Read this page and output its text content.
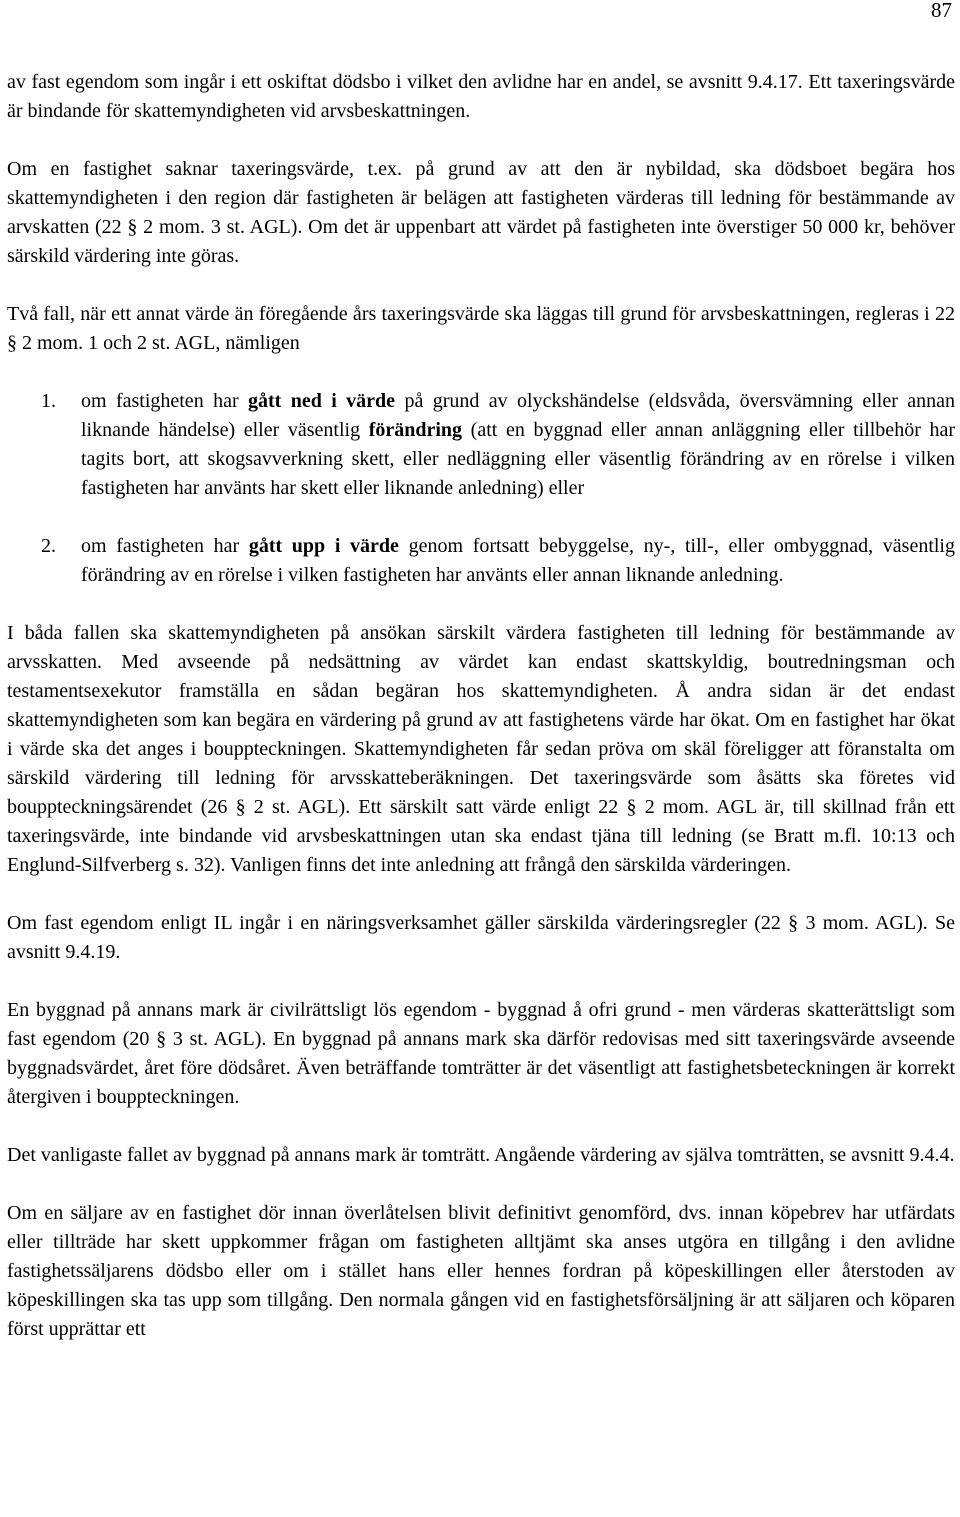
87

av fast egendom som ingår i ett oskiftat dödsbo i vilket den avlidne har en andel, se avsnitt 9.4.17. Ett taxeringsvärde är bindande för skattemyndigheten vid arvsbeskattningen.

Om en fastighet saknar taxeringsvärde, t.ex. på grund av att den är nybildad, ska dödsboet begära hos skattemyndigheten i den region där fastigheten är belägen att fastigheten värderas till ledning för bestämmande av arvskatten (22 § 2 mom. 3 st. AGL). Om det är uppenbart att värdet på fastigheten inte överstiger 50 000 kr, behöver särskild värdering inte göras.

Två fall, när ett annat värde än föregående års taxeringsvärde ska läggas till grund för arvsbeskattningen, regleras i 22 § 2 mom. 1 och 2 st. AGL, nämligen

1. om fastigheten har gått ned i värde på grund av olyckshändelse (eldsvåda, översvämning eller annan liknande händelse) eller väsentlig förändring (att en byggnad eller annan anläggning eller tillbehör har tagits bort, att skogsavverkning skett, eller nedläggning eller väsentlig förändring av en rörelse i vilken fastigheten har använts har skett eller liknande anledning) eller
2. om fastigheten har gått upp i värde genom fortsatt bebyggelse, ny-, till-, eller ombyggnad, väsentlig förändring av en rörelse i vilken fastigheten har använts eller annan liknande anledning.

I båda fallen ska skattemyndigheten på ansökan särskilt värdera fastigheten till ledning för bestämmande av arvsskatten. Med avseende på nedsättning av värdet kan endast skattskyldig, boutredningsman och testamentsexekutor framställa en sådan begäran hos skattemyndigheten. Å andra sidan är det endast skattemyndigheten som kan begära en värdering på grund av att fastighetens värde har ökat. Om en fastighet har ökat i värde ska det anges i bouppteckningen. Skattemyndigheten får sedan pröva om skäl föreligger att föranstalta om särskild värdering till ledning för arvsskatteberäkningen. Det taxeringsvärde som åsätts ska företes vid bouppteckningsärendet (26 § 2 st. AGL). Ett särskilt satt värde enligt 22 § 2 mom. AGL är, till skillnad från ett taxeringsvärde, inte bindande vid arvsbeskattningen utan ska endast tjäna till ledning (se Bratt m.fl. 10:13 och Englund-Silfverberg s. 32). Vanligen finns det inte anledning att frångå den särskilda värderingen.

Om fast egendom enligt IL ingår i en näringsverksamhet gäller särskilda värderingsregler (22 § 3 mom. AGL). Se avsnitt 9.4.19.

En byggnad på annans mark är civilrättsligt lös egendom - byggnad å ofri grund - men värderas skatterättsligt som fast egendom (20 § 3 st. AGL). En byggnad på annans mark ska därför redovisas med sitt taxeringsvärde avseende byggnadsvärdet, året före dödsåret. Även beträffande tomträtter är det väsentligt att fastighetsbeteckningen är korrekt återgiven i bouppteckningen.

Det vanligaste fallet av byggnad på annans mark är tomträtt. Angående värdering av själva tomträtten, se avsnitt 9.4.4.

Om en säljare av en fastighet dör innan överlåtelsen blivit definitivt genomförd, dvs. innan köpebrev har utfärdats eller tillträde har skett uppkommer frågan om fastigheten alltjämt ska anses utgöra en tillgång i den avlidne fastighetssäljarens dödsbo eller om i stället hans eller hennes fordran på köpeskillingen eller återstoden av köpeskillingen ska tas upp som tillgång. Den normala gången vid en fastighetsförsäljning är att säljaren och köparen först upprättar ett
